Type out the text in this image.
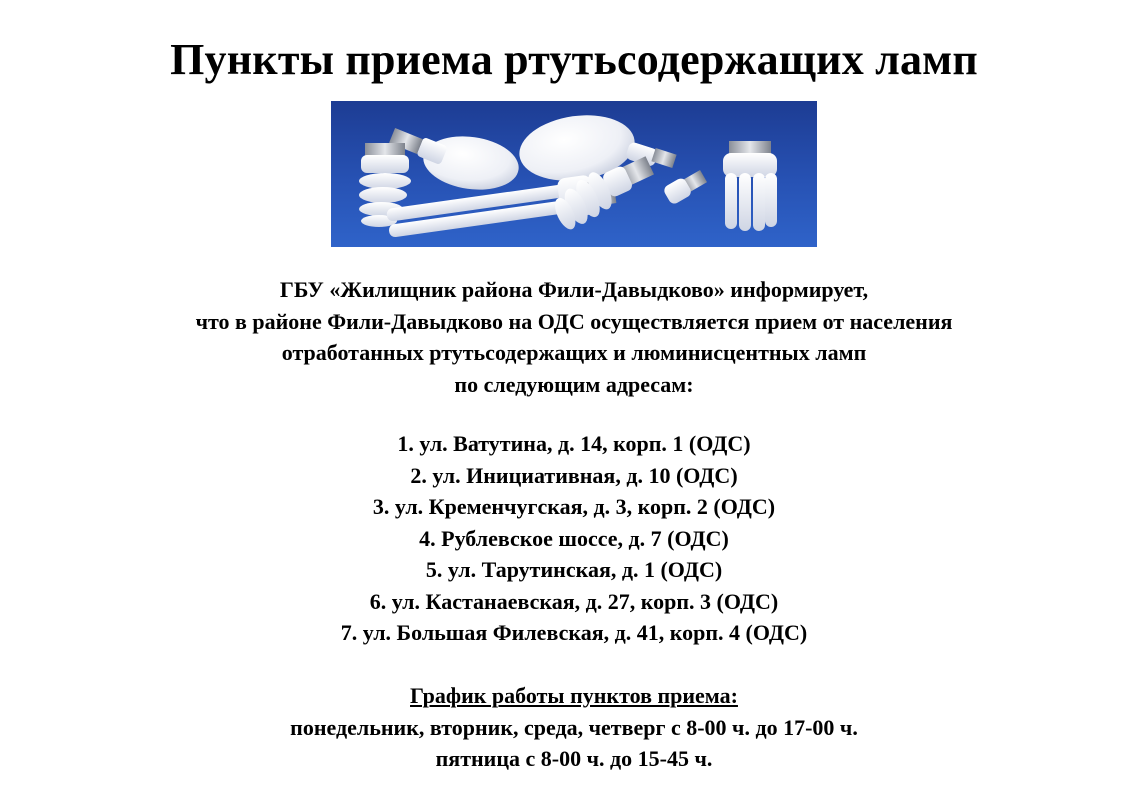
Пункты приема ртутьсодержащих ламп
ГБУ «Жилищник района Фили-Давыдково» информирует,
что в районе Фили-Давыдково на ОДС осуществляется прием от населения
отработанных ртутьсодержащих и люминисцентных ламп
по следующим адресам:
1. ул. Ватутина, д. 14, корп. 1 (ОДС)
2. ул. Инициативная, д. 10 (ОДС)
3. ул. Кременчугская, д. 3, корп. 2 (ОДС)
4. Рублевское шоссе, д. 7 (ОДС)
5. ул. Тарутинская, д. 1 (ОДС)
6. ул. Кастанаевская, д. 27, корп. 3 (ОДС)
7. ул. Большая Филевская, д. 41, корп. 4 (ОДС)
График работы пунктов приема:
понедельник, вторник, среда, четверг с 8-00 ч. до 17-00 ч.
пятница с 8-00 ч. до 15-45 ч.
